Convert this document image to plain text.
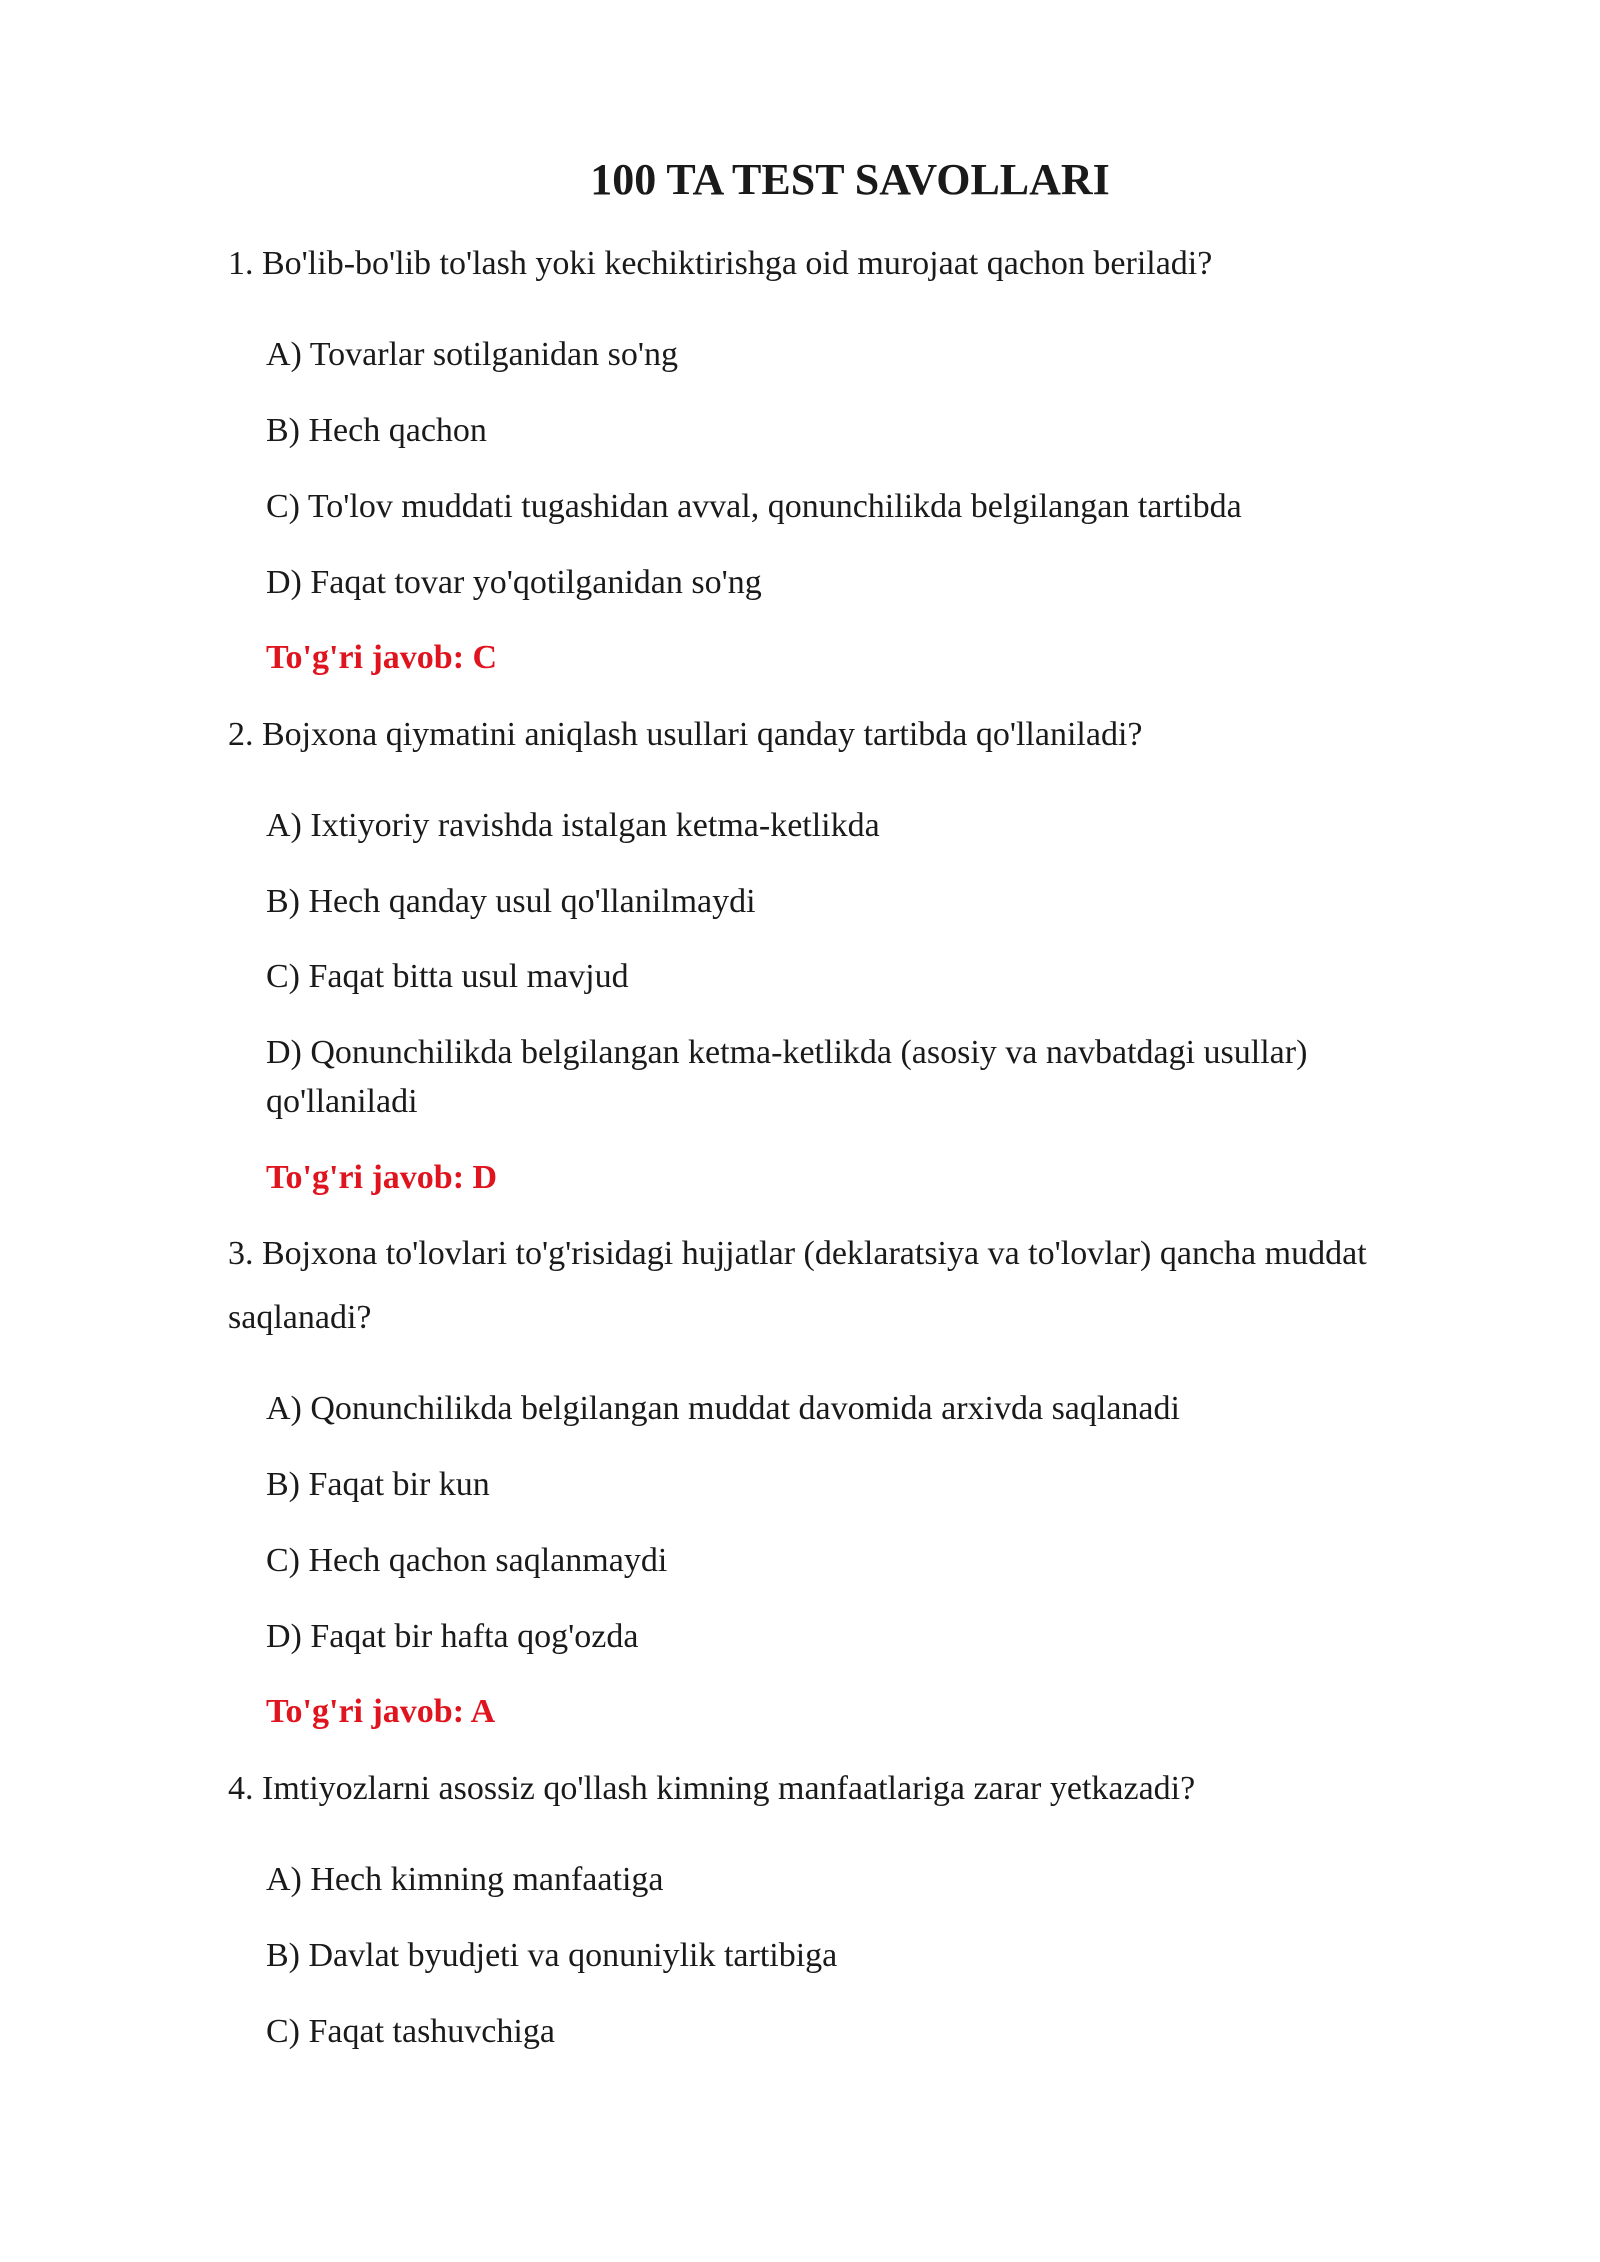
100 TA TEST SAVOLLARI

1. Bo'lib-bo'lib to'lash yoki kechiktirishga oid murojaat qachon beriladi?

A) Tovarlar sotilganidan so'ng

B) Hech qachon

C) To'lov muddati tugashidan avval, qonunchilikda belgilangan tartibda

D) Faqat tovar yo'qotilganidan so'ng

To'g'ri javob: C

2. Bojxona qiymatini aniqlash usullari qanday tartibda qo'llaniladi?

A) Ixtiyoriy ravishda istalgan ketma-ketlikda

B) Hech qanday usul qo'llanilmaydi

C) Faqat bitta usul mavjud

D) Qonunchilikda belgilangan ketma-ketlikda (asosiy va navbatdagi usullar) qo'llaniladi

To'g'ri javob: D

3. Bojxona to'lovlari to'g'risidagi hujjatlar (deklaratsiya va to'lovlar) qancha muddat saqlanadi?

A) Qonunchilikda belgilangan muddat davomida arxivda saqlanadi

B) Faqat bir kun

C) Hech qachon saqlanmaydi

D) Faqat bir hafta qog'ozda

To'g'ri javob: A

4. Imtiyozlarni asossiz qo'llash kimning manfaatlariga zarar yetkazadi?

A) Hech kimning manfaatiga

B) Davlat byudjeti va qonuniylik tartibiga

C) Faqat tashuvchiga
